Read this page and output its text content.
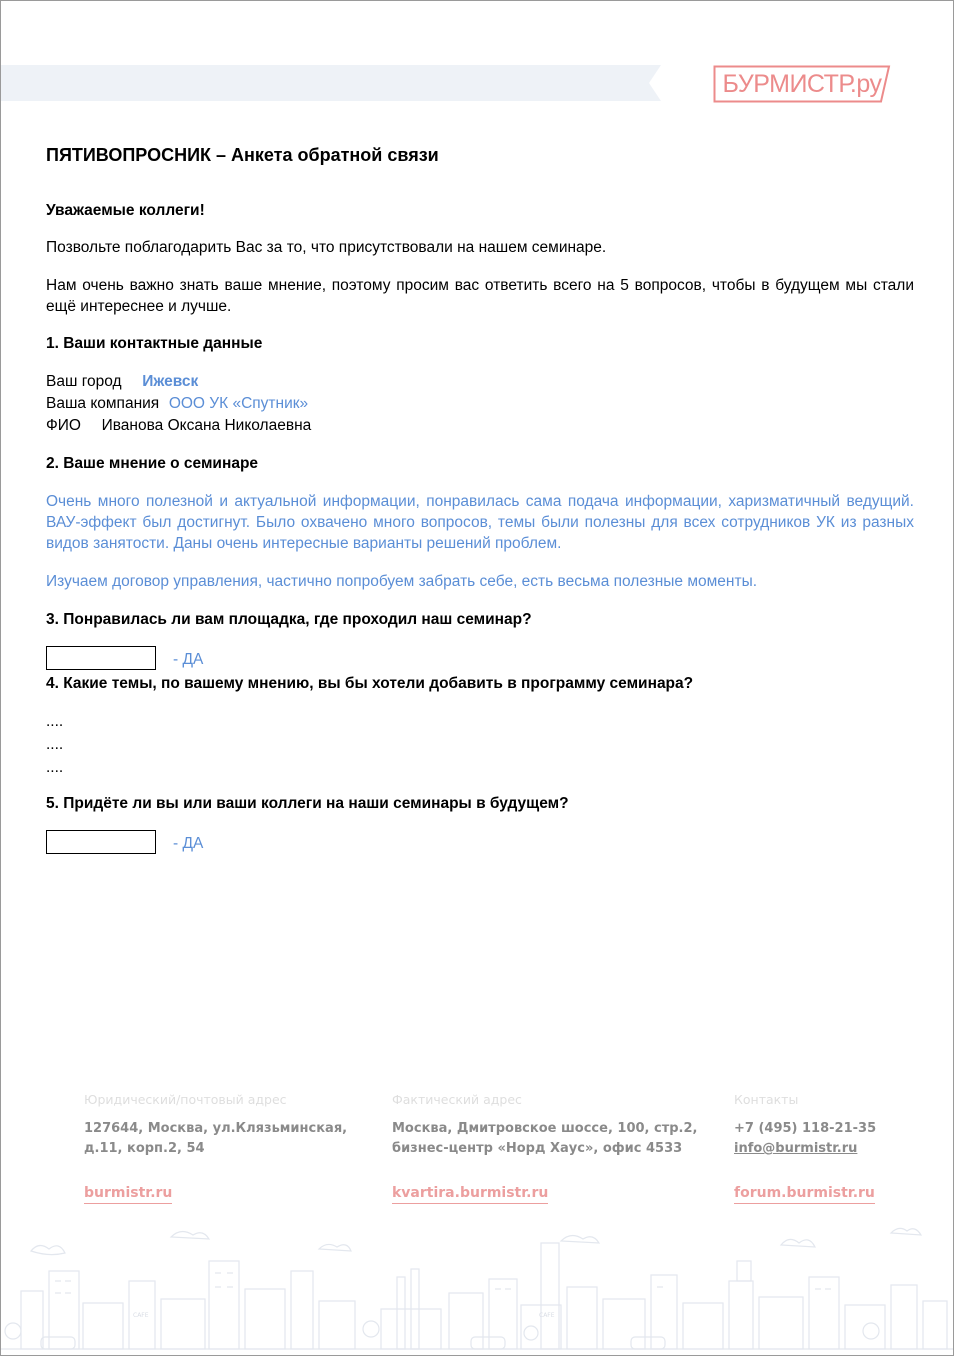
БУРМИСТР.ру
ПЯТИВОПРОСНИК – Анкета обратной связи
Уважаемые коллеги!
Позвольте поблагодарить Вас за то, что присутствовали на нашем семинаре.
Нам очень важно знать ваше мнение, поэтому просим вас ответить всего на 5 вопросов, чтобы в будущем мы стали ещё интереснее и лучше.
1. Ваши контактные данные
Ваш город Ижевск
Ваша компания ООО УК «Спутник»
ФИО Иванова Оксана Николаевна
2. Ваше мнение о семинаре
Очень много полезной и актуальной информации, понравилась сама подача информации, харизматичный ведущий. ВАУ-эффект был достигнут. Было охвачено много вопросов, темы были полезны для всех сотрудников УК из разных видов занятости. Даны очень интересные варианты решений проблем.
Изучаем договор управления, частично попробуем забрать себе, есть весьма полезные моменты.
3. Понравилась ли вам площадка, где проходил наш семинар?
- ДА
4. Какие темы, по вашему мнению, вы бы хотели добавить в программу семинара?
....
....
....
5. Придёте ли вы или ваши коллеги на наши семинары в будущем?
- ДА
Юридический/почтовый адрес
127644, Москва, ул.Клязьминская,
д.11, корп.2, 54
Фактический адрес
Москва, Дмитровское шоссе, 100, стр.2,
бизнес-центр «Норд Хаус», офис 4533
Контакты
+7 (495) 118-21-35
info@burmistr.ru
burmistr.ru	kvartira.burmistr.ru	forum.burmistr.ru
CAFE	CAFE
